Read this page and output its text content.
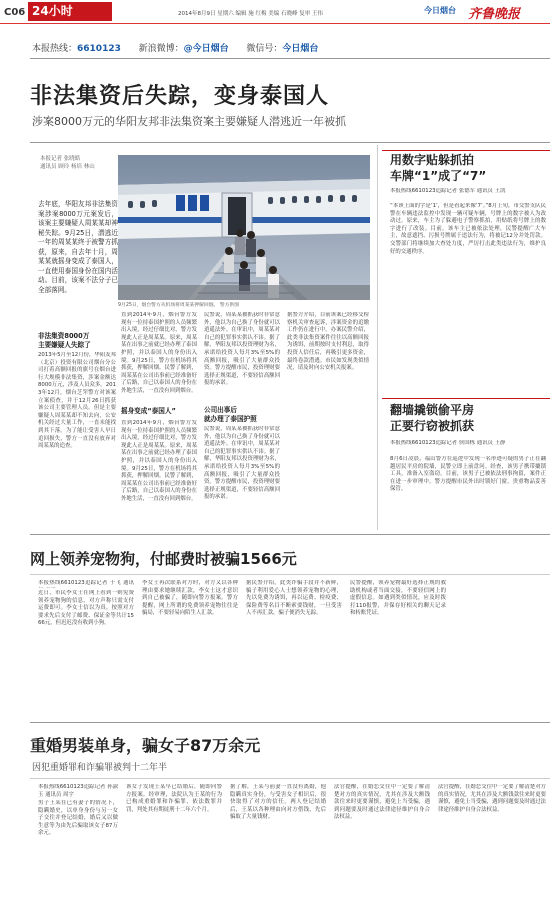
C06 24小时	2014年8月9日 星期六 编辑 施 红梅 美编 石晓峰 复审 王伟	今日烟台 齐鲁晚报
本报热线：6610123 新浪微博：@今日烟台 微信号：今日烟台
非法集资后失踪，变身泰国人
涉案8000万元的华阳友邦非法集资案主要嫌疑人潜逃近一年被抓
本报记者 张晓皓
通讯员 顾玲 杨培 林山
去年底，华阳友邦非法集资案涉案8000万元案发后，该案主要嫌疑人周某某却神秘失踪。9月25日，潜逃近一年的周某某终于被警方抓获，原来，自去年十月，周某某就摇身变成了泰国人，一直使用泰国身份在国内活动。目前，该案不法分子已全部落网。
9月25日，烟台警方从机场将周某某押解回烟。 警方供图
非法集资8000万
主要嫌疑人失踪了
2013年5月至12月份，华阳友邦（北京）投资有限公司烟台分公司打着高额回报的旗号在烟台进行大规模非法集资，涉案金额达8000万元，涉及人员众多。2013年12月，烟台芝罘警方对该案立案侦查，并于12月26日抓获该公司主要管理人员。但是主要嫌疑人周某某却不知去向，公安机关经过大量工作，一直未能找到其下落。为了能让受害人早日追回损失，警方一直没有放弃对周某某的追查。
直到2014年9月，烟台警方发现有一位持泰国护照的人员频繁出入境，经过仔细比对，警方发现此人正是周某某。原来，周某某在出事之前就已经办理了泰国护照，并以泰国人的身份出入境。9月25日，警方在机场将其抓获，押解回烟。民警了解到，周某某在公司出事前已经准备好了后路，自己以泰国人的身份在外地生活，一直没有回到烟台。
摇身变成“泰国人”
直到2014年9月，烟台警方发现有一位持泰国护照的人员频繁出入境，经过仔细比对，警方发现此人正是周某某。原来，周某某在出事之前就已经办理了泰国护照，并以泰国人的身份出入境。9月25日，警方在机场将其抓获，押解回烟。民警了解到，周某某在公司出事前已经准备好了后路，自己以泰国人的身份在外地生活，一直没有回到烟台。
民警说，周某某被抓获时非常意外，他以为自己换了身份就可以逍遥法外。在审讯中，周某某对自己的犯罪事实供认不讳。据了解，华阳友邦以投资理财为名，承诺给投资人每月3%至5%的高额回报，吸引了大量群众投资。警方提醒市民，投资理财要选择正规渠道，不要轻信高额回报的承诺。
公司出事后
就办理了泰国护照
民警说，周某某被抓获时非常意外，他以为自己换了身份就可以逍遥法外。在审讯中，周某某对自己的犯罪事实供认不讳。据了解，华阳友邦以投资理财为名，承诺给投资人每月3%至5%的高额回报，吸引了大量群众投资。警方提醒市民，投资理财要选择正规渠道，不要轻信高额回报的承诺。
据警方介绍，目前该案已经移交检察机关审查起诉，涉案资金的追缴工作仍在进行中。办案民警介绍，此类非法集资案件往往以高额回报为诱饵，前期按时支付利息，取得投资人信任后，再吸引更多资金，最终卷款潜逃。市民如发现类似情况，请及时向公安机关报案。
用数字贴躲抓拍
车牌“1”成了“7”
本报热线6610123追踪记者 张德军 通讯员 王凯
“本该上面的字是‘1’，但是看起来像‘7’。”8月上旬，市交警支队民警在车辆违法监控中发现一辆可疑车辆，号牌上的数字被人为改动过。原来，车主为了躲避电子警察抓拍，用贴纸将号牌上的数字进行了改装。目前，该车主已被依法处理，民警提醒广大车主，故意遮挡、污损号牌属于违法行为，将被记12分并处罚款。交警部门将继续加大查处力度，严厉打击此类违法行为，维护良好的交通秩序。
翻墙撬锁偷平房
正要行窃被抓获
本报热线6610123追踪记者 侯国栋 通讯员 王静
8月6日凌晨，福山警方在巡逻中发现一名形迹可疑的男子正在翻越居民平房的院墙，民警立即上前盘问。经查，该男子携带撬锁工具，准备入室盗窃。目前，该男子已被依法刑事拘留，案件正在进一步审理中。警方提醒市民外出时锁好门窗，贵重物品妥善保管。
网上领养宠物狗，付邮费时被骗1566元
本报热线6610123追踪记者 于飞 通讯
近日，市民李女士在网上看到一则免费领养宠物狗的信息，对方声称只需支付运费即可。李女士信以为真，按照对方要求先后支付了邮费、保证金等共计1566元，但迟迟没有收到小狗。
李女士再次联系对方时，对方又以各种理由要求她继续汇款，李女士这才意识到自己被骗了，随即向警方报案。警方提醒，网上所谓的免费领养宠物往往是骗局，不要轻易向陌生人汇款。
据民警介绍，此类诈骗手段并不新鲜，骗子利用爱心人士想领养宠物的心理，先以免费为诱饵，再以运费、检疫费、保险费等名目不断索要钱财，一旦受害人不再汇款，骗子便消失无踪。
民警提醒，领养宠物最好选择正规的救助机构或者当面交接，不要轻信网上的虚假信息。如遇到类似情况，应及时拨打110报警，并保存好相关的聊天记录和转账凭证。
重婚男装单身，骗女子87万余元
因犯重婚罪和诈骗罪被判十二年半
本报热线6610123追踪记者 孙淑玉 通讯员 周宇
男子王某在已有妻子的情况下，隐瞒婚史，以单身身份与另一女子交往并登记结婚，婚后又以做生意等为由先后骗取该女子87万余元。
该女子发现王某早已结婚后，随即向警方报案。经审理，法院认为王某的行为已构成重婚罪和诈骗罪，依法数罪并罚，判处其有期徒刑十二年六个月。
据了解，王某与前妻一直没有离婚，他隐瞒真实身份，与受害女子相识后，很快取得了对方的信任。两人登记结婚后，王某以各种理由向对方借钱，先后骗取了大量钱财。
法官提醒，在婚恋交往中一定要了解清楚对方的真实情况，尤其在涉及大额钱款往来时更要谨慎，避免上当受骗，遇到问题要及时通过法律途径维护自身合法权益。
法官提醒，在婚恋交往中一定要了解清楚对方的真实情况，尤其在涉及大额钱款往来时更要谨慎，避免上当受骗，遇到问题要及时通过法律途径维护自身合法权益。
